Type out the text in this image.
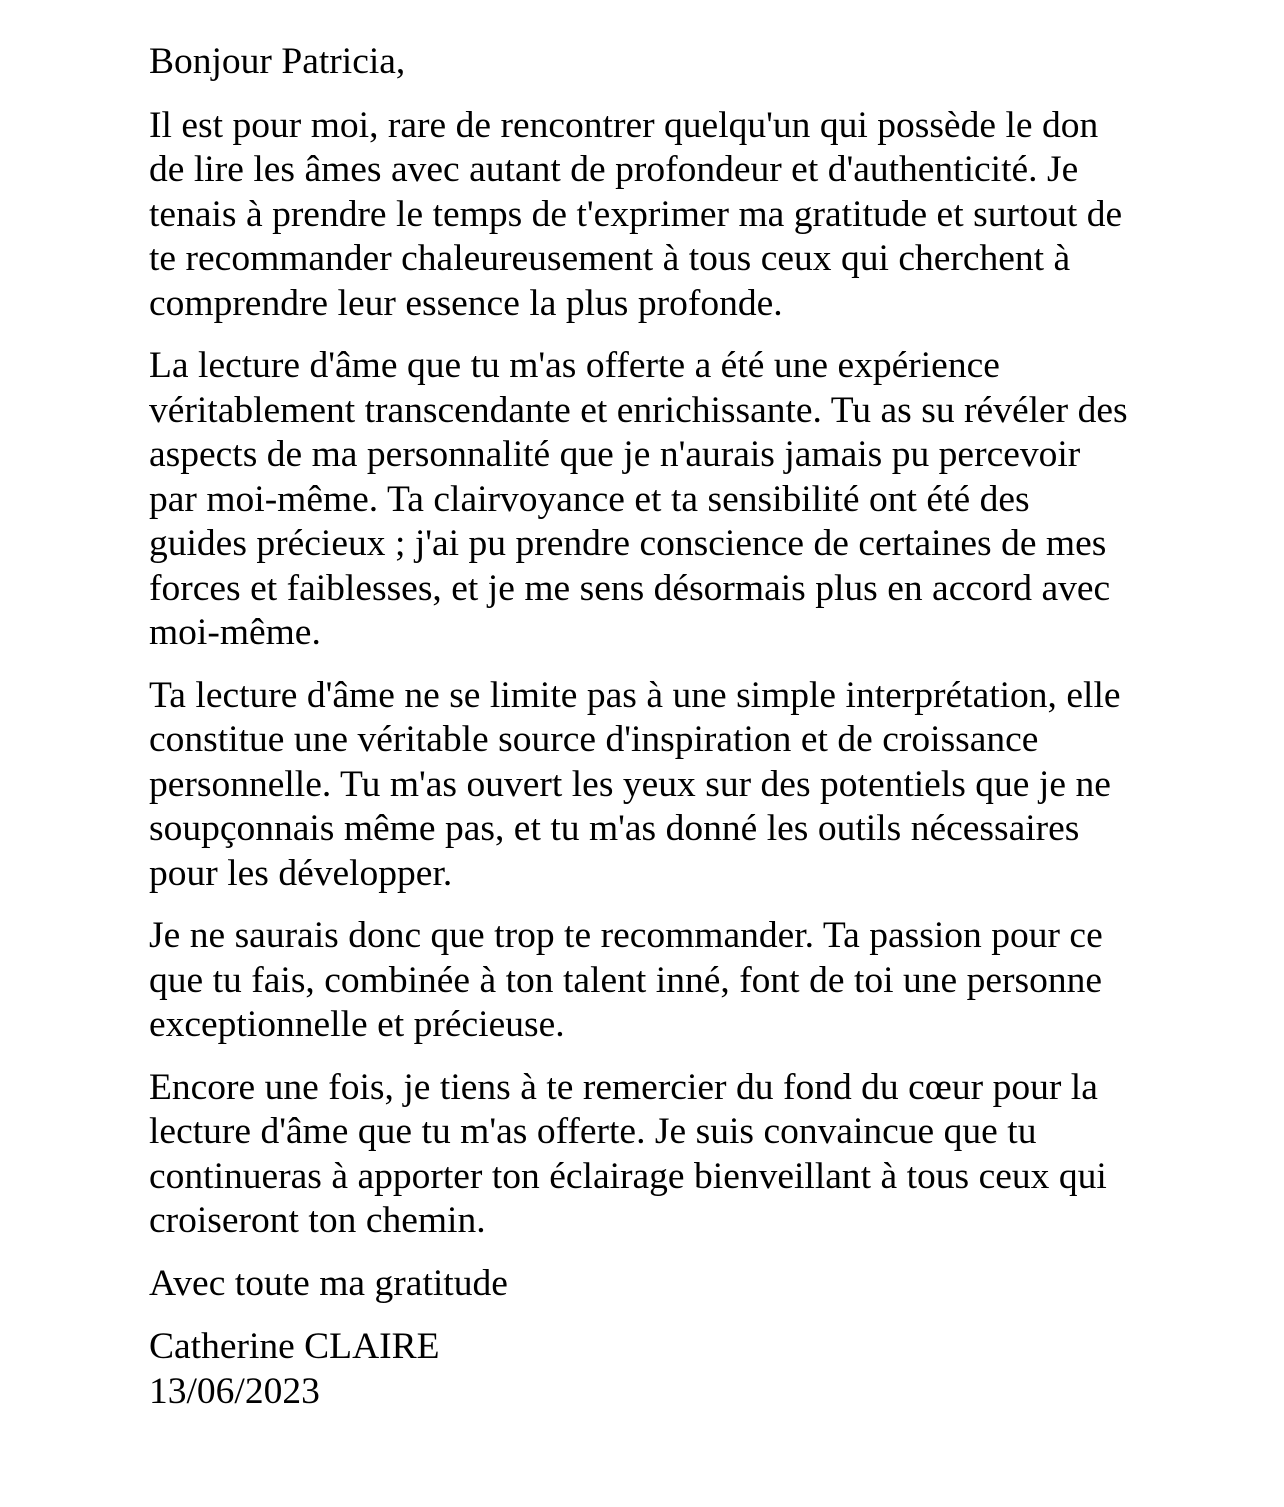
Bonjour Patricia,

Il est pour moi, rare de rencontrer quelqu'un qui possède le don de lire les âmes avec autant de profondeur et d'authenticité. Je tenais à prendre le temps de t'exprimer ma gratitude et surtout de te recommander chaleureusement à tous ceux qui cherchent à comprendre leur essence la plus profonde.

La lecture d'âme que tu m'as offerte a été une expérience véritablement transcendante et enrichissante. Tu as su révéler des aspects de ma personnalité que je n'aurais jamais pu percevoir par moi-même. Ta clairvoyance et ta sensibilité ont été des guides précieux ; j'ai pu prendre conscience de certaines de mes forces et faiblesses, et je me sens désormais plus en accord avec moi-même.

Ta lecture d'âme ne se limite pas à une simple interprétation, elle constitue une véritable source d'inspiration et de croissance personnelle. Tu m'as ouvert les yeux sur des potentiels que je ne soupçonnais même pas, et tu m'as donné les outils nécessaires pour les développer.

Je ne saurais donc que trop te recommander. Ta passion pour ce que tu fais, combinée à ton talent inné, font de toi une personne exceptionnelle et précieuse.

Encore une fois, je tiens à te remercier du fond du cœur pour la lecture d'âme que tu m'as offerte. Je suis convaincue que tu continueras à apporter ton éclairage bienveillant à tous ceux qui croiseront ton chemin.

Avec toute ma gratitude

Catherine CLAIRE
13/06/2023
